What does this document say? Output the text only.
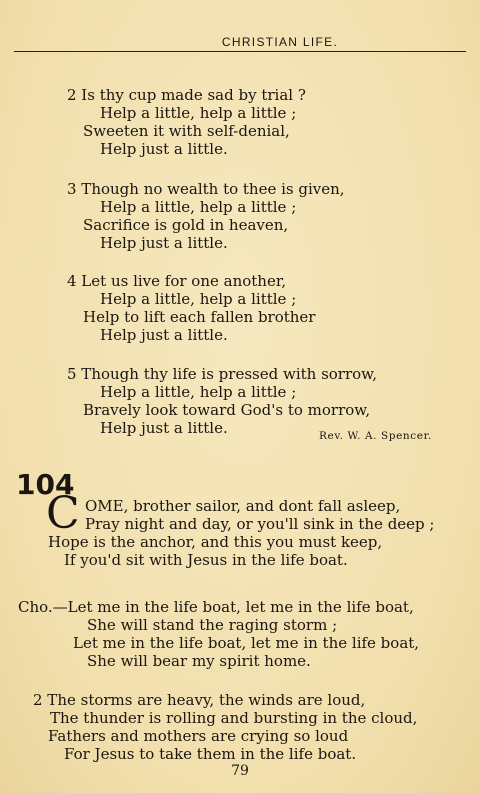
CHRISTIAN LIFE.
2 Is thy cup made sad by trial ?
Help a little, help a little ;
Sweeten it with self-denial,
Help just a little.
3 Though no wealth to thee is given,
Help a little, help a little ;
Sacrifice is gold in heaven,
Help just a little.
4 Let us live for one another,
Help a little, help a little ;
Help to lift each fallen brother
Help just a little.
5 Though thy life is pressed with sorrow,
Help a little, help a little ;
Bravely look toward God's to morrow,
Help just a little.	Rev. W. A. Spencer.
104
C OME, brother sailor, and dont fall asleep,
Pray night and day, or you'll sink in the deep ;
Hope is the anchor, and this you must keep,
If you'd sit with Jesus in the life boat.
Cho.—Let me in the life boat, let me in the life boat,
She will stand the raging storm ;
Let me in the life boat, let me in the life boat,
She will bear my spirit home.
2 The storms are heavy, the winds are loud,
The thunder is rolling and bursting in the cloud,
Fathers and mothers are crying so loud
For Jesus to take them in the life boat.
79
